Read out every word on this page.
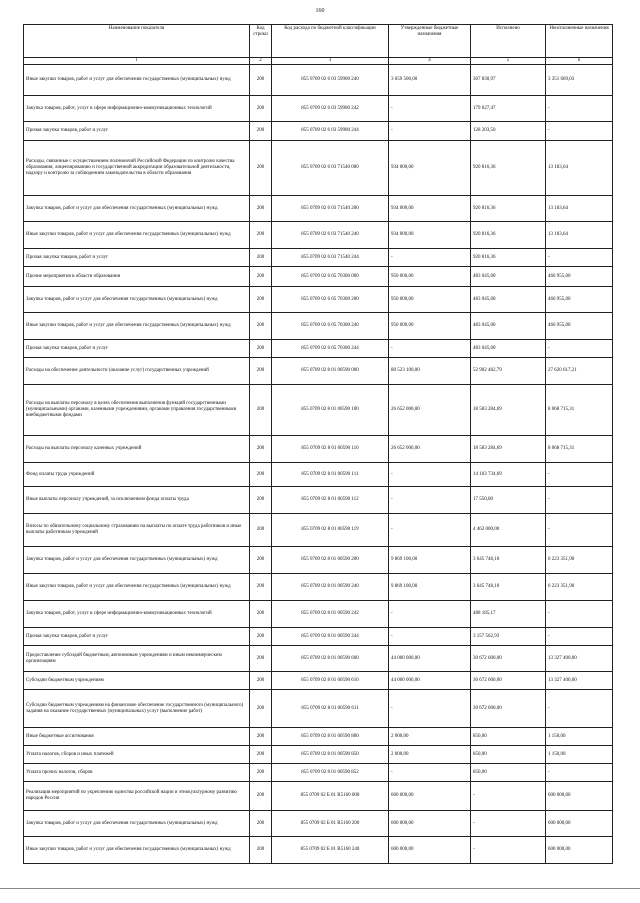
160
Наименование показателя	Код строки	Код расхода по бюджетной классификации	Утвержденные бюджетные назначения	Исполнено	Неисполненные назначения
1	2	3	4	5	6
Иные закупки товаров, работ и услуг для обеспечения государственных (муниципальных) нужд	200	855 0709 02 6 03 59900 240	3 659 500,00	307 830,97	3 351 669,03
Закупка товаров, работ, услуг в сфере информационно-коммуникационных технологий	200	855 0709 02 6 03 59900 242	-	179 627,47	-
Прочая закупка товаров, работ и услуг	200	855 0709 02 6 03 59900 244	-	128 203,50	-
Расходы, связанные с осуществлением полномочий Российской Федерации по контролю качества образования, лицензированию и государственной аккредитации образовательной деятельности, надзору и контролю за соблюдением законодательства в области образования	200	855 0709 02 6 03 71540 000	934 000,00	920 816,36	13 183,64
Закупка товаров, работ и услуг для обеспечения государственных (муниципальных) нужд	200	855 0709 02 6 03 71540 200	934 000,00	920 816,36	13 183,64
Иные закупки товаров, работ и услуг для обеспечения государственных (муниципальных) нужд	200	855 0709 02 6 03 71540 240	934 000,00	920 816,36	13 183,64
Прочая закупка товаров, работ и услуг	200	855 0709 02 6 03 71540 244	-	920 816,36	-
Прочие мероприятия в области образования	200	855 0709 02 6 05 70300 000	950 000,00	483 045,00	466 955,00
Закупка товаров, работ и услуг для обеспечения государственных (муниципальных) нужд	200	855 0709 02 6 05 70300 200	950 000,00	483 045,00	466 955,00
Иные закупки товаров, работ и услуг для обеспечения государственных (муниципальных) нужд	200	855 0709 02 6 05 70300 240	950 000,00	483 045,00	466 955,00
Прочая закупка товаров, работ и услуг	200	855 0709 02 6 05 70300 244	-	483 045,00	-
Расходы на обеспечение деятельности (оказание услуг) государственных учреждений	200	855 0709 02 8 01 00590 000	80 523 100,00	52 902 482,79	27 620 617,21
Расходы на выплаты персоналу в целях обеспечения выполнения функций государственными (муниципальными) органами, казенными учреждениями, органами управления государственными внебюджетными фондами	200	855 0709 02 8 01 00590 100	26 652 000,00	18 583 284,69	8 068 715,31
Расходы на выплаты персоналу казенных учреждений	200	855 0709 02 8 01 00590 110	26 652 000,00	18 583 284,69	8 068 715,31
Фонд оплаты труда учреждений	200	855 0709 02 8 01 00590 111	-	14 103 734,69	-
Иные выплаты персоналу учреждений, за исключением фонда оплаты труда	200	855 0709 02 8 01 00590 112	-	17 550,00	-
Взносы по обязательному социальному страхованию на выплаты по оплате труда работников и иные выплаты работникам учреждений	200	855 0709 02 8 01 00590 119	-	4 462 000,00	-
Закупка товаров, работ и услуг для обеспечения государственных (муниципальных) нужд	200	855 0709 02 8 01 00590 200	9 869 100,00	3 645 748,10	6 223 351,90
Иные закупки товаров, работ и услуг для обеспечения государственных (муниципальных) нужд	200	855 0709 02 8 01 00590 240	9 869 100,00	3 645 748,10	6 223 351,90
Закупка товаров, работ, услуг в сфере информационно-коммуникационных технологий	200	855 0709 02 8 01 00590 242	-	488 185,17	-
Прочая закупка товаров, работ и услуг	200	855 0709 02 8 01 00590 244	-	3 157 562,93	-
Предоставление субсидий бюджетным, автономным учреждениям и иным некоммерческим организациям	200	855 0709 02 8 01 00590 600	44 000 000,00	30 672 600,00	13 327 400,00
Субсидии бюджетным учреждениям	200	855 0709 02 8 01 00590 610	44 000 000,00	30 672 600,00	13 327 400,00
Субсидии бюджетным учреждениям на финансовое обеспечение государственного (муниципального) задания на оказание государственных (муниципальных) услуг (выполнение работ)	200	855 0709 02 8 01 00590 611	-	30 672 600,00	-
Иные бюджетные ассигнования	200	855 0709 02 8 01 00590 800	2 000,00	850,00	1 150,00
Уплата налогов, сборов и иных платежей	200	855 0709 02 8 01 00590 850	2 000,00	850,00	1 150,00
Уплата прочих налогов, сборов	200	855 0709 02 8 01 00590 852	-	850,00	-
Реализация мероприятий по укреплению единства российской нации и этнокультурному развитию народов России	200	855 0709 02 Б 01 R5160 000	600 000,00	-	600 000,00
Закупка товаров, работ и услуг для обеспечения государственных (муниципальных) нужд	200	855 0709 02 Б 01 R5160 200	600 000,00	-	600 000,00
Иные закупки товаров, работ и услуг для обеспечения государственных (муниципальных) нужд	200	855 0709 02 Б 01 R5160 240	600 000,00	-	600 000,00
